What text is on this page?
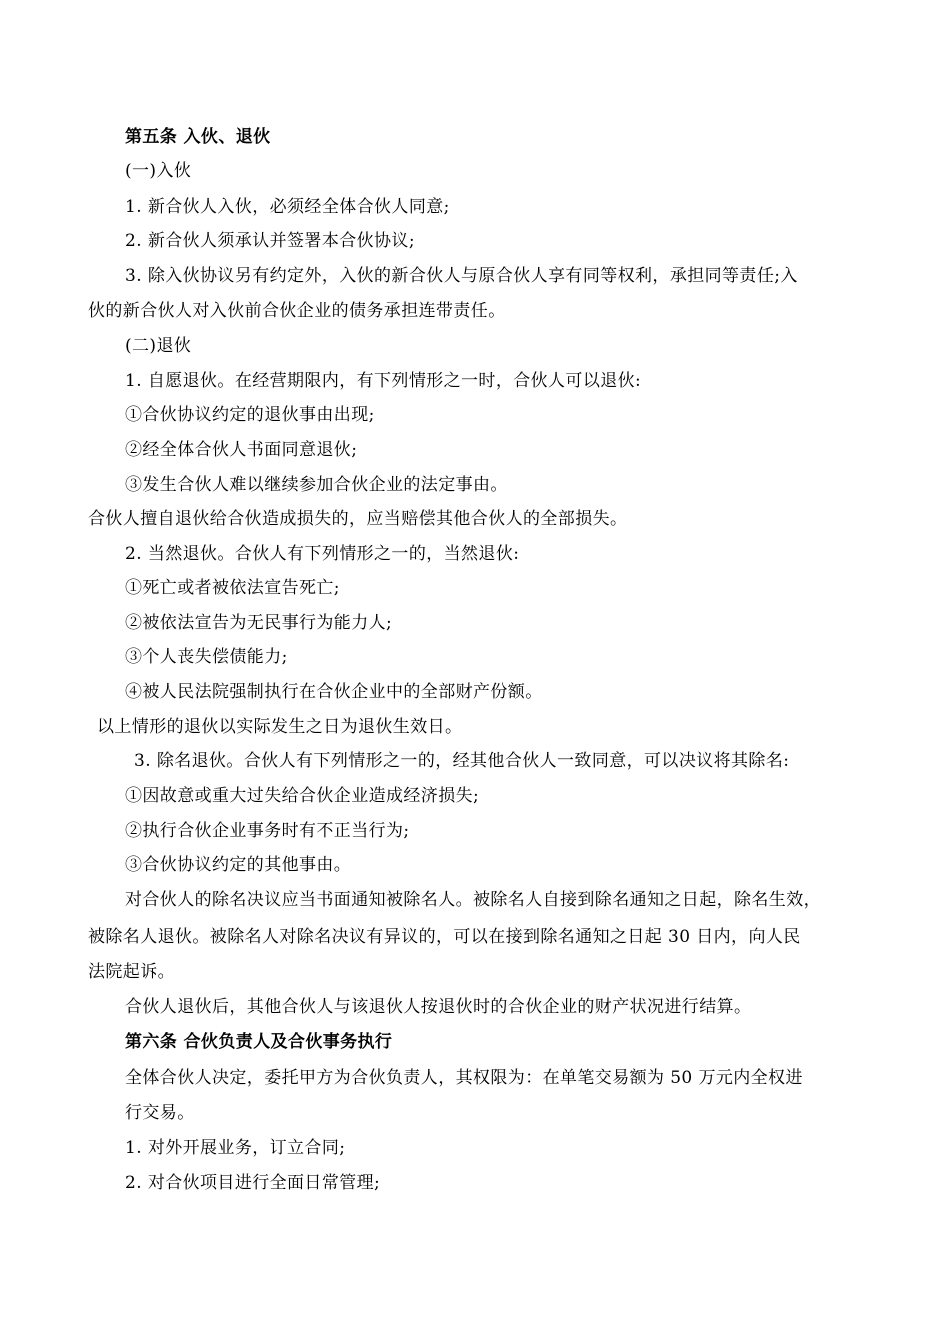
第五条 入伙、退伙
(一)入伙
1. 新合伙人入伙，必须经全体合伙人同意;
2. 新合伙人须承认并签署本合伙协议;
3. 除入伙协议另有约定外，入伙的新合伙人与原合伙人享有同等权利，承担同等责任;入
伙的新合伙人对入伙前合伙企业的债务承担连带责任。
(二)退伙
1. 自愿退伙。在经营期限内，有下列情形之一时，合伙人可以退伙:
①合伙协议约定的退伙事由出现;
②经全体合伙人书面同意退伙;
③发生合伙人难以继续参加合伙企业的法定事由。
合伙人擅自退伙给合伙造成损失的，应当赔偿其他合伙人的全部损失。
2. 当然退伙。合伙人有下列情形之一的，当然退伙:
①死亡或者被依法宣告死亡;
②被依法宣告为无民事行为能力人;
③个人丧失偿债能力;
④被人民法院强制执行在合伙企业中的全部财产份额。
以上情形的退伙以实际发生之日为退伙生效日。
3. 除名退伙。合伙人有下列情形之一的，经其他合伙人一致同意，可以决议将其除名:
①因故意或重大过失给合伙企业造成经济损失;
②执行合伙企业事务时有不正当行为;
③合伙协议约定的其他事由。
对合伙人的除名决议应当书面通知被除名人。被除名人自接到除名通知之日起，除名生效，
被除名人退伙。被除名人对除名决议有异议的，可以在接到除名通知之日起 30 日内，向人民
法院起诉。
合伙人退伙后，其他合伙人与该退伙人按退伙时的合伙企业的财产状况进行结算。
第六条 合伙负责人及合伙事务执行
全体合伙人决定，委托甲方为合伙负责人，其权限为：在单笔交易额为 50 万元内全权进
行交易。
1. 对外开展业务，订立合同;
2. 对合伙项目进行全面日常管理;
